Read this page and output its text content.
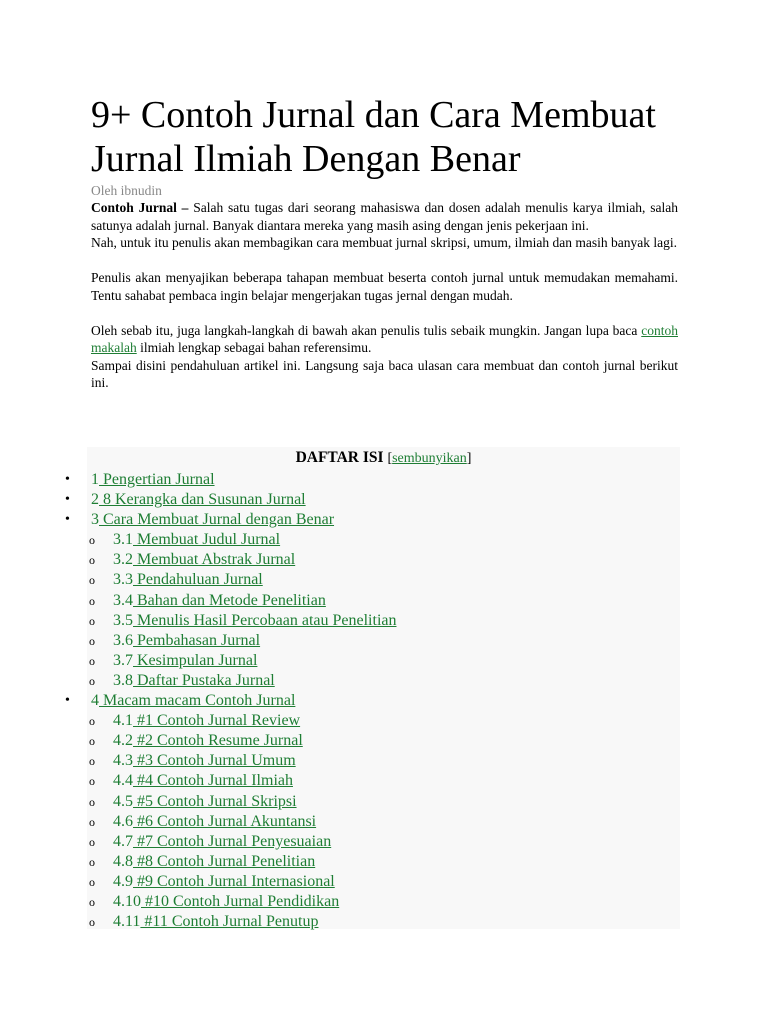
9+ Contoh Jurnal dan Cara Membuat Jurnal Ilmiah Dengan Benar
Oleh ibnudin

Contoh Jurnal – Salah satu tugas dari seorang mahasiswa dan dosen adalah menulis karya ilmiah, salah satunya adalah jurnal. Banyak diantara mereka yang masih asing dengan jenis pekerjaan ini.

Nah, untuk itu penulis akan membagikan cara membuat jurnal skripsi, umum, ilmiah dan masih banyak lagi.

Penulis akan menyajikan beberapa tahapan membuat beserta contoh jurnal untuk memudakan memahami. Tentu sahabat pembaca ingin belajar mengerjakan tugas jernal dengan mudah.

Oleh sebab itu, juga langkah-langkah di bawah akan penulis tulis sebaik mungkin. Jangan lupa baca contoh makalah ilmiah lengkap sebagai bahan referensimu.

Sampai disini pendahuluan artikel ini. Langsung saja baca ulasan cara membuat dan contoh jurnal berikut ini.

DAFTAR ISI [sembunyikan]
• 1 Pengertian Jurnal
• 2 8 Kerangka dan Susunan Jurnal
• 3 Cara Membuat Jurnal dengan Benar
o 3.1 Membuat Judul Jurnal
o 3.2 Membuat Abstrak Jurnal
o 3.3 Pendahuluan Jurnal
o 3.4 Bahan dan Metode Penelitian
o 3.5 Menulis Hasil Percobaan atau Penelitian
o 3.6 Pembahasan Jurnal
o 3.7 Kesimpulan Jurnal
o 3.8 Daftar Pustaka Jurnal
• 4 Macam macam Contoh Jurnal
o 4.1 #1 Contoh Jurnal Review
o 4.2 #2 Contoh Resume Jurnal
o 4.3 #3 Contoh Jurnal Umum
o 4.4 #4 Contoh Jurnal Ilmiah
o 4.5 #5 Contoh Jurnal Skripsi
o 4.6 #6 Contoh Jurnal Akuntansi
o 4.7 #7 Contoh Jurnal Penyesuaian
o 4.8 #8 Contoh Jurnal Penelitian
o 4.9 #9 Contoh Jurnal Internasional
o 4.10 #10 Contoh Jurnal Pendidikan
o 4.11 #11 Contoh Jurnal Penutup
